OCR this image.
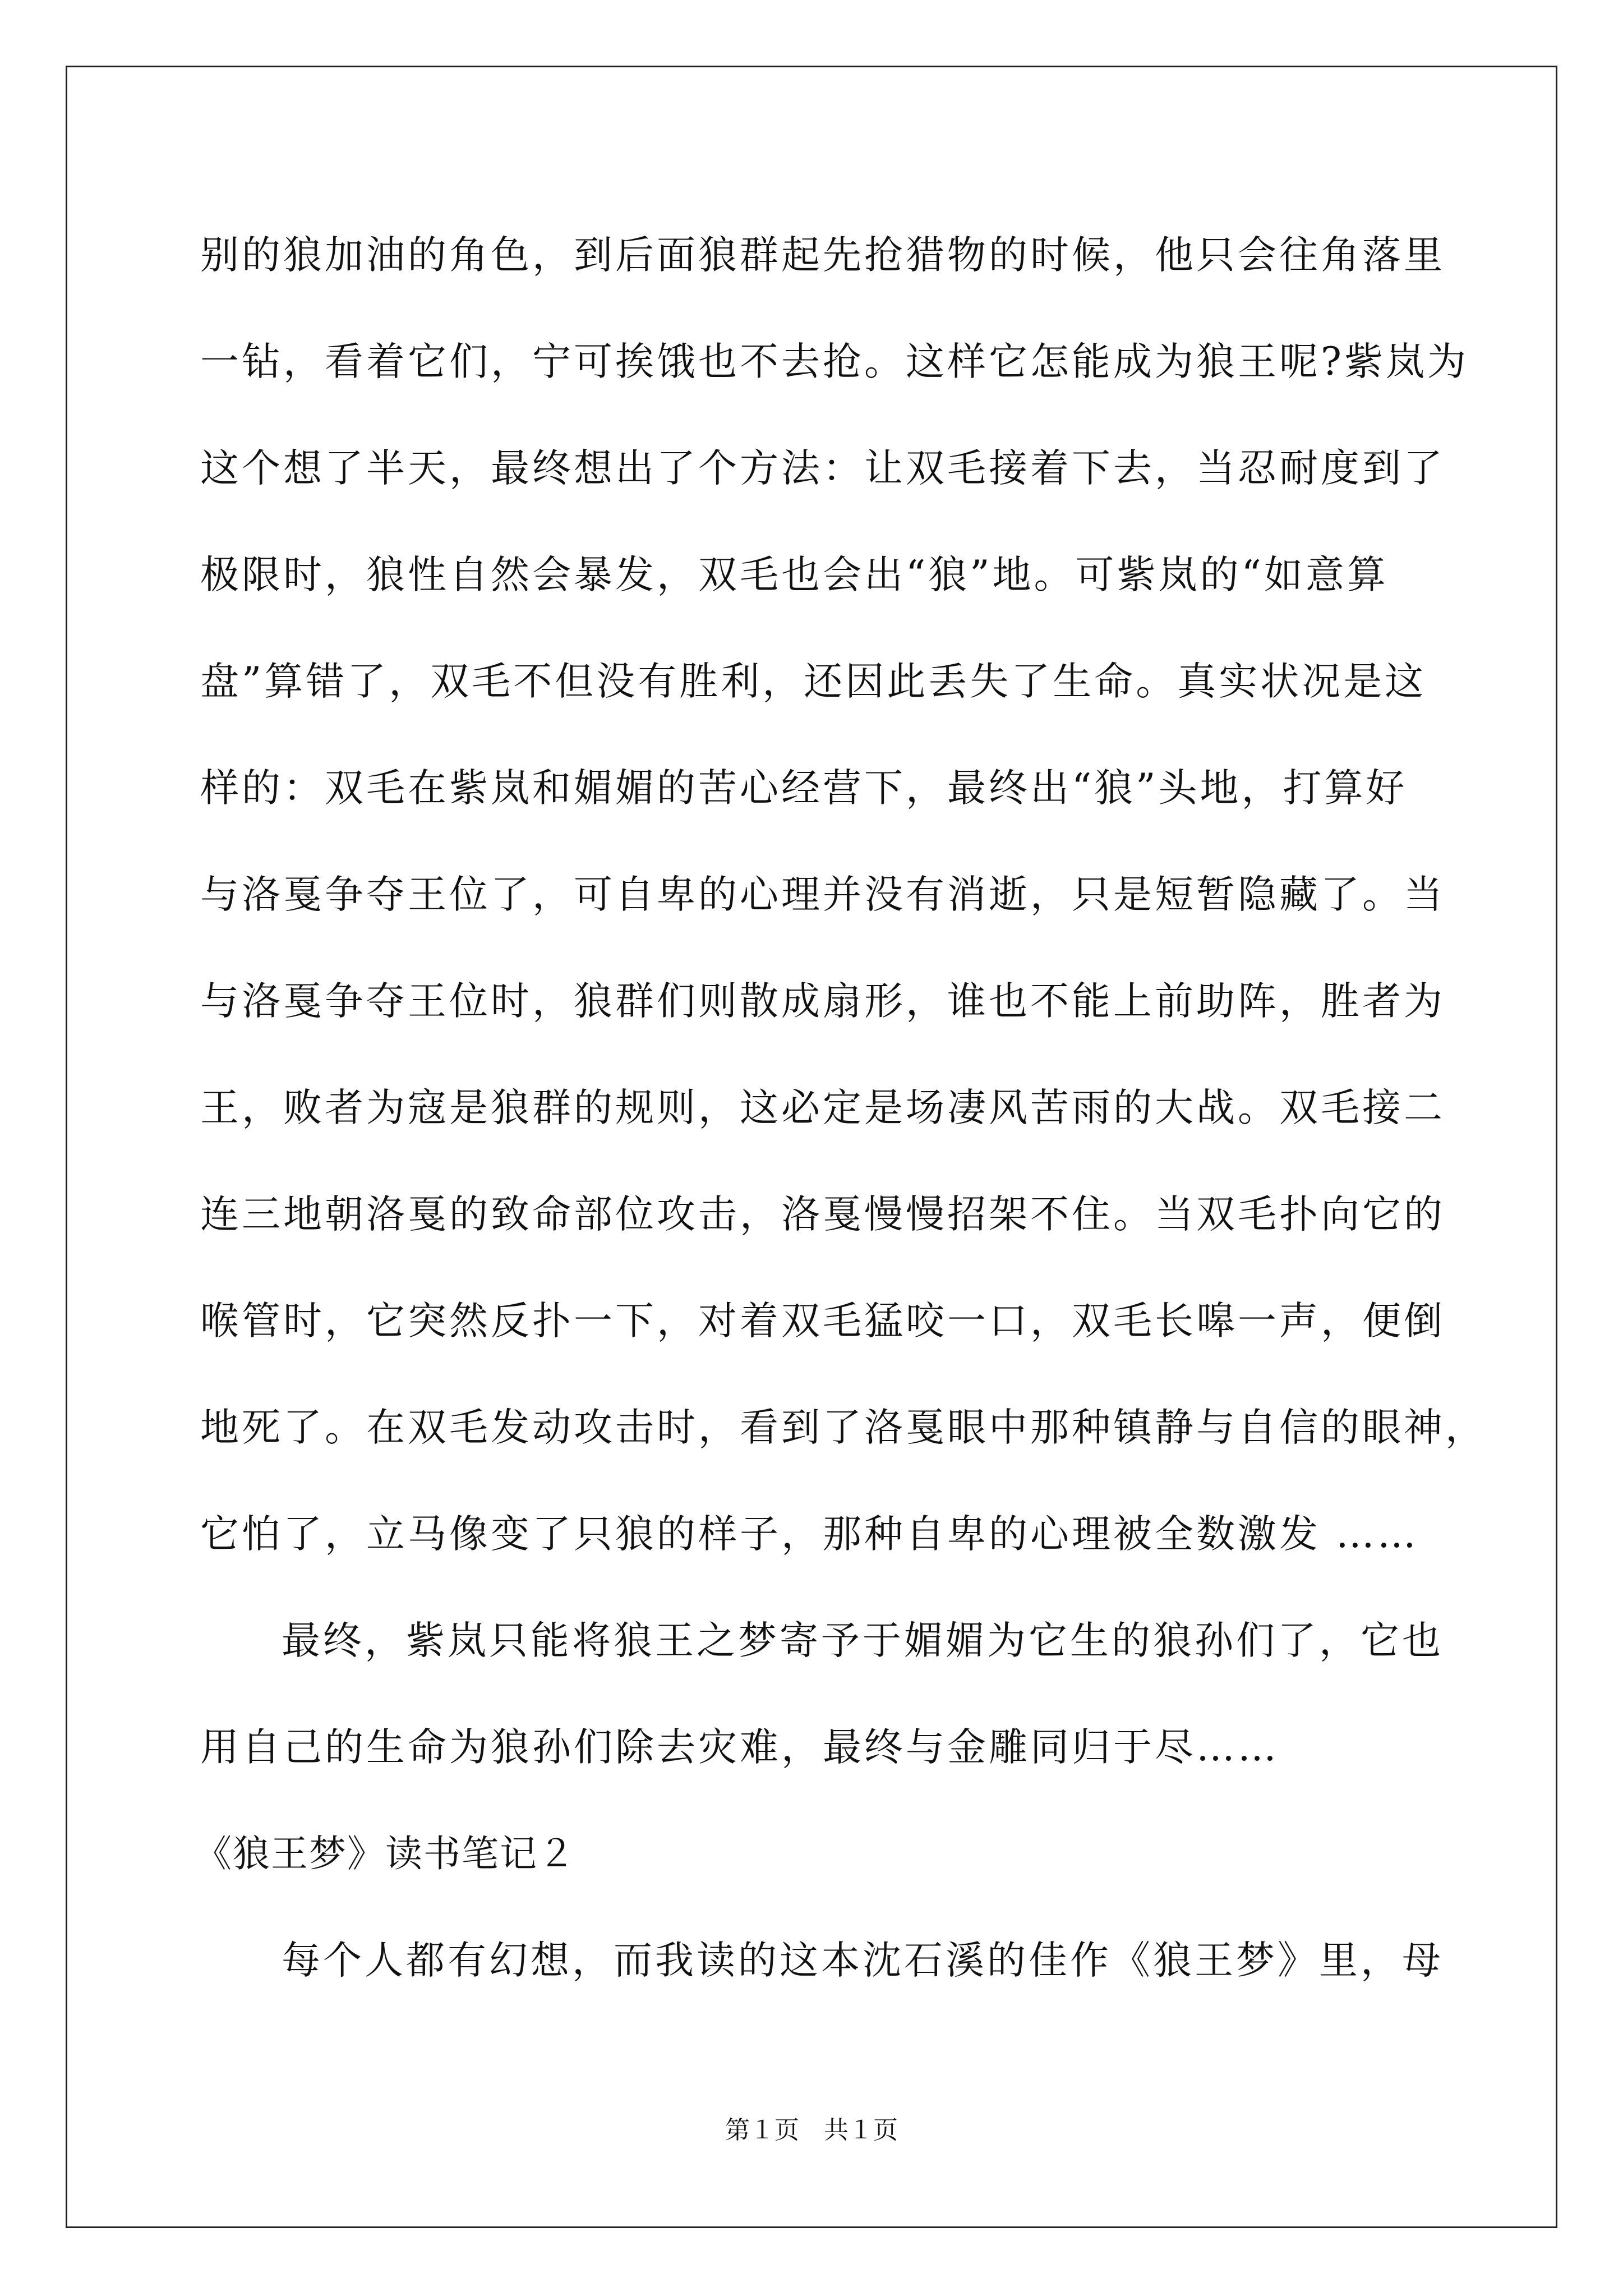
别的狼加油的角色，到后面狼群起先抢猎物的时候，他只会往角落里
一钻，看着它们，宁可挨饿也不去抢。这样它怎能成为狼王呢?紫岚为
这个想了半天，最终想出了个方法：让双毛接着下去，当忍耐度到了
极限时，狼性自然会暴发，双毛也会出“狼”地。可紫岚的“如意算
盘”算错了，双毛不但没有胜利，还因此丢失了生命。真实状况是这
样的：双毛在紫岚和媚媚的苦心经营下，最终出“狼”头地，打算好
与洛戛争夺王位了，可自卑的心理并没有消逝，只是短暂隐藏了。当
与洛戛争夺王位时，狼群们则散成扇形，谁也不能上前助阵，胜者为
王，败者为寇是狼群的规则，这必定是场凄风苦雨的大战。双毛接二
连三地朝洛戛的致命部位攻击，洛戛慢慢招架不住。当双毛扑向它的
喉管时，它突然反扑一下，对着双毛猛咬一口，双毛长嗥一声，便倒
地死了。在双毛发动攻击时，看到了洛戛眼中那种镇静与自信的眼神，
它怕了，立马像变了只狼的样子，那种自卑的心理被全数激发 ……
最终，紫岚只能将狼王之梦寄予于媚媚为它生的狼孙们了，它也
用自己的生命为狼孙们除去灾难，最终与金雕同归于尽……
《狼王梦》读书笔记２
每个人都有幻想，而我读的这本沈石溪的佳作《狼王梦》里，母
第１页　共１页
